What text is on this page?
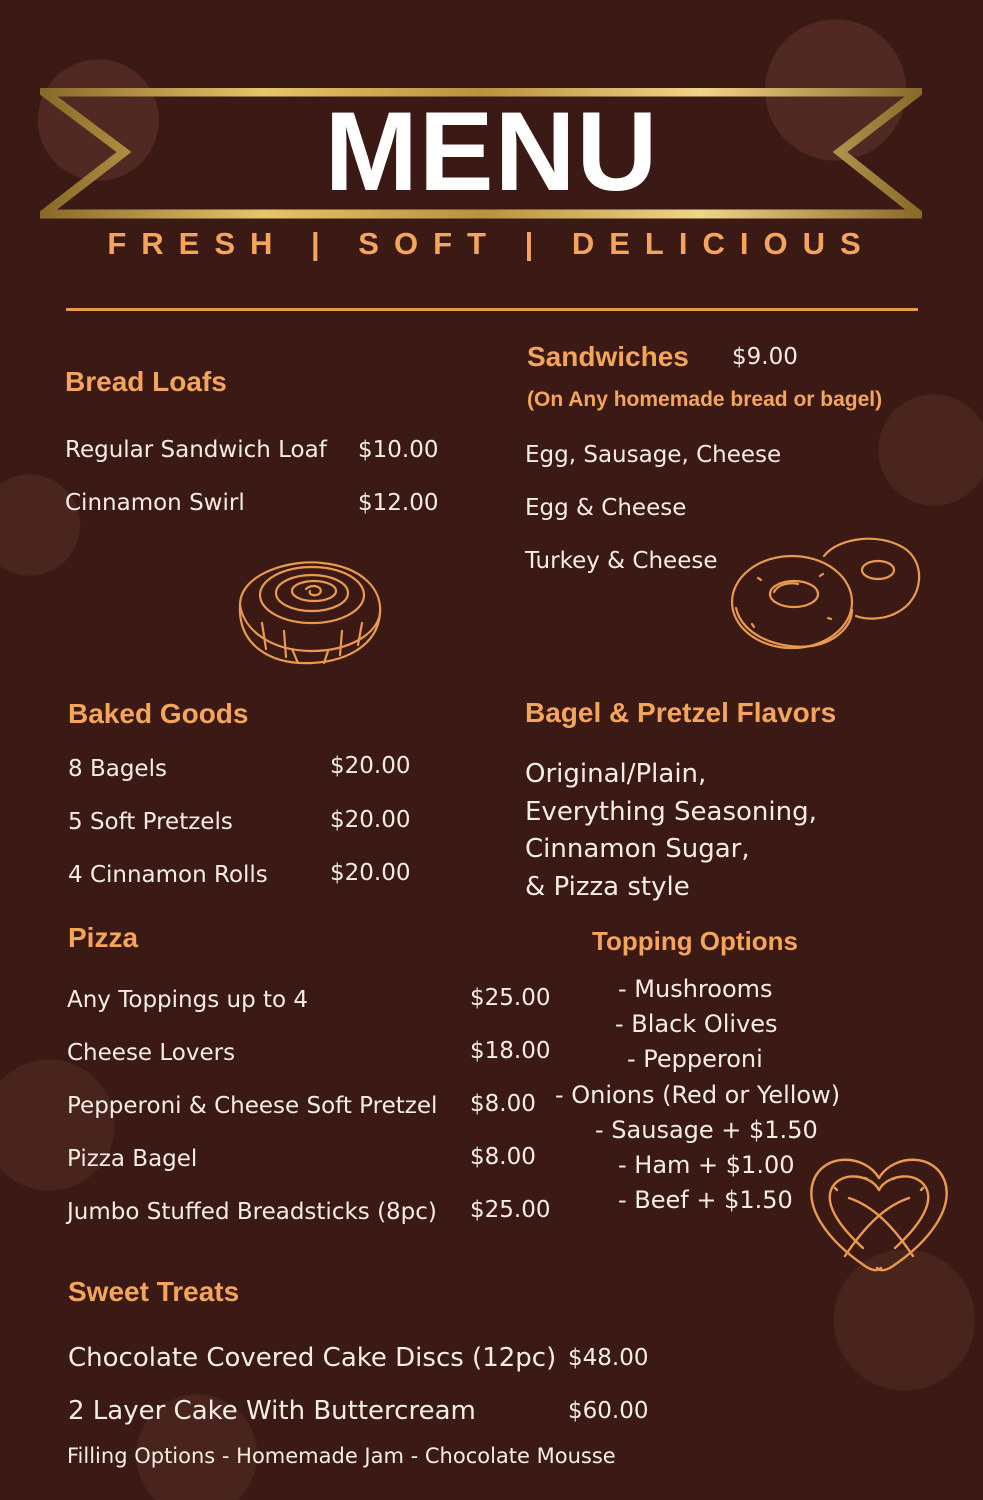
MENU
FRESH | SOFT | DELICIOUS
Bread Loafs
Regular Sandwich Loaf $10.00
Cinnamon Swirl	$12.00
Sandwiches $9.00
(On Any homemade bread or bagel)
Egg, Sausage, Cheese
Egg & Cheese
Turkey & Cheese
Baked Goods
8 Bagels	$20.00
5 Soft Pretzels	$20.00
4 Cinnamon Rolls	$20.00
Bagel & Pretzel Flavors
Original/Plain,
Everything Seasoning,
Cinnamon Sugar,
& Pizza style
Pizza
Any Toppings up to 4	$25.00
Cheese Lovers	$18.00
Pepperoni & Cheese Soft Pretzel $8.00
Pizza Bagel	$8.00
Jumbo Stuffed Breadsticks (8pc) $25.00
Topping Options
- Mushrooms
- Black Olives
- Pepperoni
- Onions (Red or Yellow)
- Sausage + $1.50
- Ham + $1.00
- Beef + $1.50
Sweet Treats
Chocolate Covered Cake Discs (12pc) $48.00
2 Layer Cake With Buttercream	$60.00
Filling Options - Homemade Jam - Chocolate Mousse
